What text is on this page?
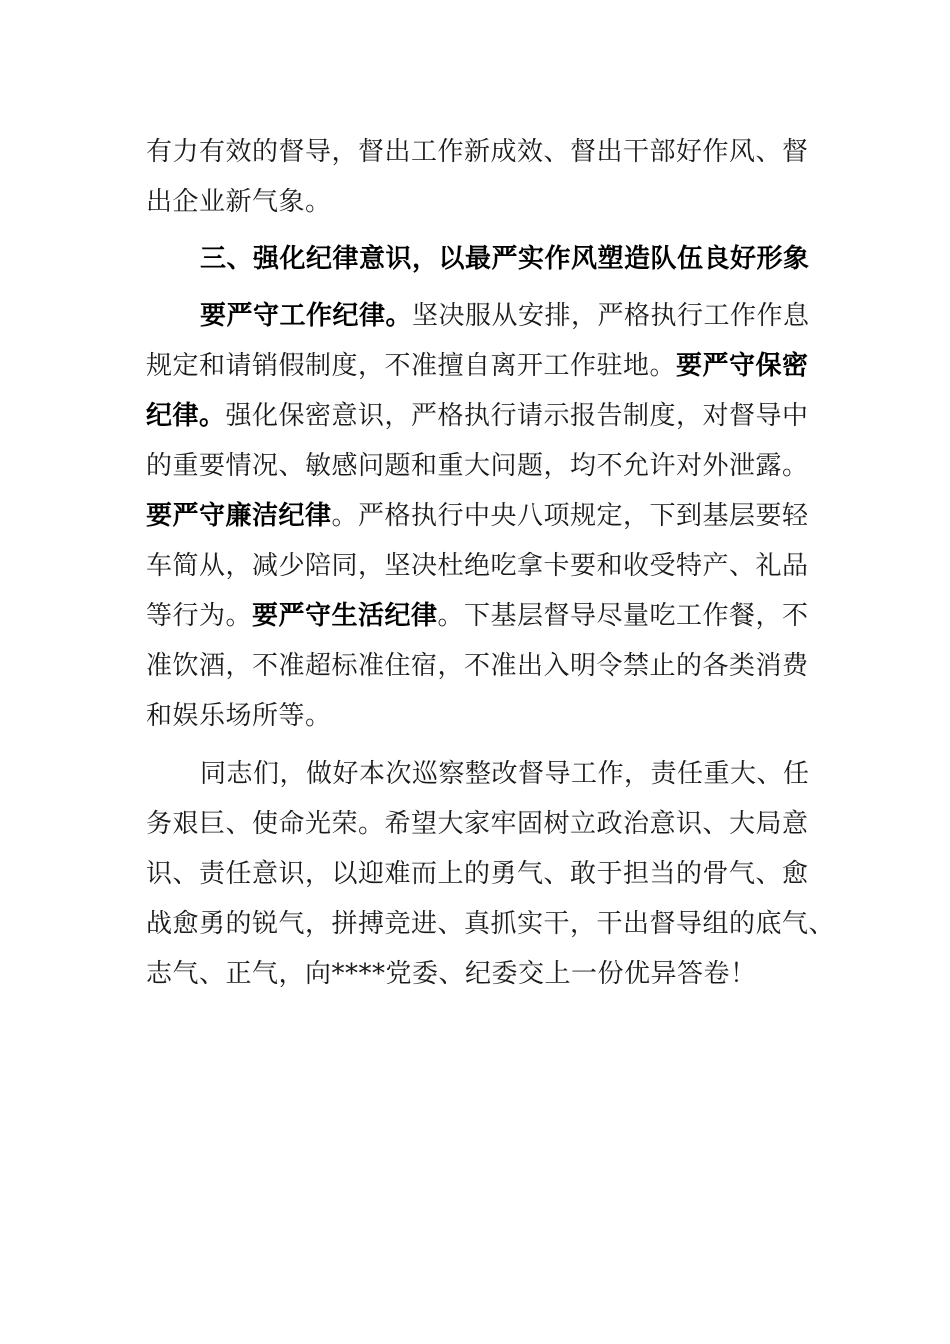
有力有效的督导，督出工作新成效、督出干部好作风、督
出企业新气象。
三、强化纪律意识，以最严实作风塑造队伍良好形象
要严守工作纪律。坚决服从安排，严格执行工作作息
规定和请销假制度，不准擅自离开工作驻地。要严守保密
纪律。强化保密意识，严格执行请示报告制度，对督导中
的重要情况、敏感问题和重大问题，均不允许对外泄露。
要严守廉洁纪律。严格执行中央八项规定，下到基层要轻
车简从，减少陪同，坚决杜绝吃拿卡要和收受特产、礼品
等行为。要严守生活纪律。下基层督导尽量吃工作餐，不
准饮酒，不准超标准住宿，不准出入明令禁止的各类消费
和娱乐场所等。
同志们，做好本次巡察整改督导工作，责任重大、任
务艰巨、使命光荣。希望大家牢固树立政治意识、大局意
识、责任意识，以迎难而上的勇气、敢于担当的骨气、愈
战愈勇的锐气，拼搏竞进、真抓实干，干出督导组的底气、
志气、正气，向****党委、纪委交上一份优异答卷！
